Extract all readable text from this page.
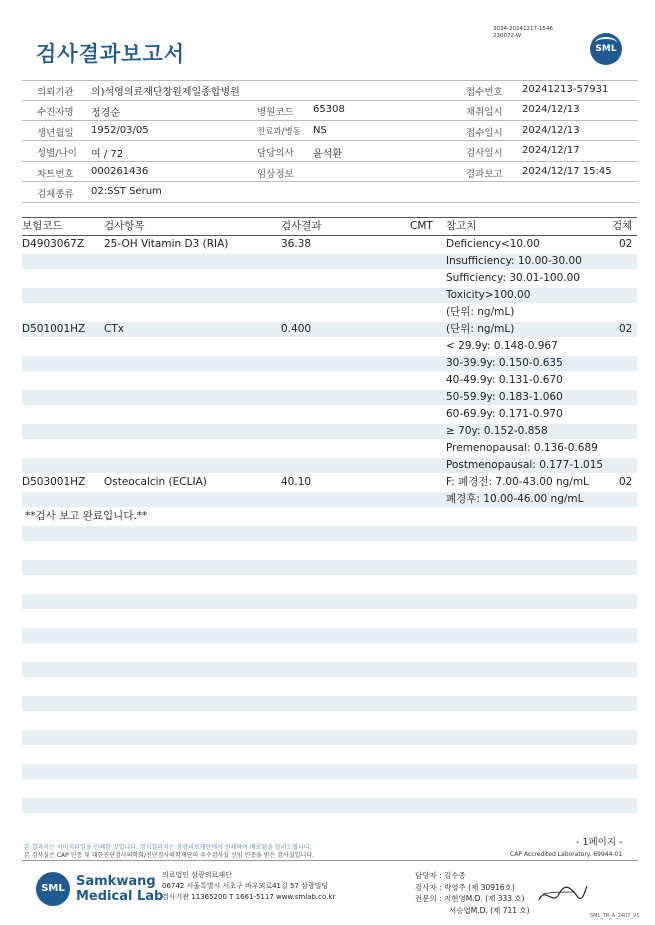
검사결과보고서
3034-20241217-1546
230072-W
SML
의뢰기관 의)석영의료재단창원제일종합병원	접수번호 20241213-57931
수진자명 정경순	병원코드 65308	채취일시 2024/12/13
생년월일 1952/03/05	진료과/병동 NS	접수일시 2024/12/13
성별/나이 여 / 72	담당의사 윤석환	검사일시 2024/12/17
차트번호 000261436	임상정보	결과보고 2024/12/17 15:45
검체종류 02:SST Serum
보험코드	검사항목	검사결과	CMT 참고치	검체
D4903067Z 25-OH Vitamin D3 (RIA)	36.38	Deficiency<10.00	02
Insufficiency: 10.00-30.00
Sufficiency: 30.01-100.00
Toxicity>100.00
(단위: ng/mL)
D501001HZ CTx	0.400	(단위: ng/mL)	02
< 29.9y: 0.148-0.967
30-39.9y: 0.150-0.635
40-49.9y: 0.131-0.670
50-59.9y: 0.183-1.060
60-69.9y: 0.171-0.970
≥ 70y: 0.152-0.858
Premenopausal: 0.136-0.689
Postmenopausal: 0.177-1.015
D503001HZ Osteocalcin (ECLIA)	40.10	F: 폐경전: 7.00-43.00 ng/mL	02
폐경후: 10.00-46.00 ng/mL
**검사 보고 완료입니다.**
본 결과지는 이미지파일을 인쇄한 것입니다. 정식결과지는 삼광의료재단에서 인쇄하여 배포됨을 알려드립니다.
본 검사실은 CAP 인증 및 대한진단검사의학회/진단검사의학재단의 우수검사실 신임 인증을 받은 검사실입니다.
- 1페이지 -
CAP Accredited Laboratory. 69944-01
SML Samkwang
Medical Lab
의료법인 삼광의료재단
06742 서울특별시 서초구 바우뫼로41길 57 삼광빌딩
검사기관 11365200 T 1661-5117 www.smlab.co.kr
담당자 : 김수종
검사자 : 박영주 (제 30916호)
전문의 : 지현영M.D. (제 333 호)
서승엽M.D. (제 711 호)
SML_TR_A_2407_V1
